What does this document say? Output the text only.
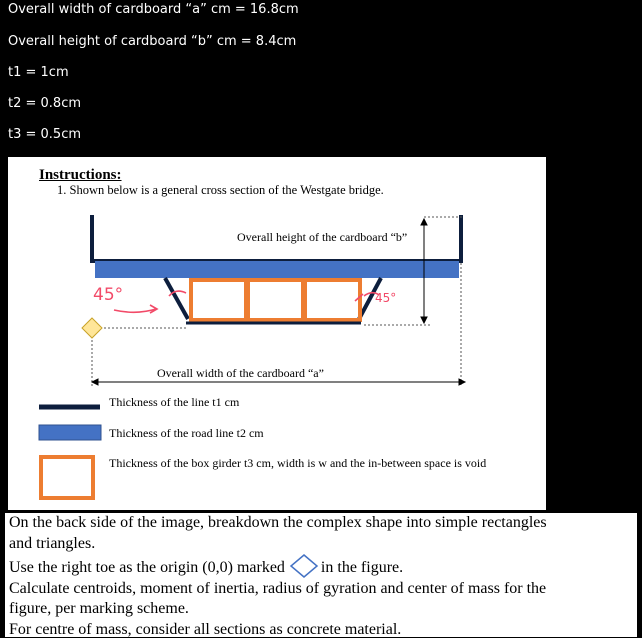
Overall width of cardboard “a” cm = 16.8cm
Overall height of cardboard “b” cm = 8.4cm
t1 = 1cm
t2 = 0.8cm
t3 = 0.5cm
Instructions:
1. Shown below is a general cross section of the Westgate bridge.
Overall height of the cardboard “b”
Overall width of the cardboard “a”
45°	45°
Thickness of the line t1 cm
Thickness of the road line t2 cm
Thickness of the box girder t3 cm, width is w and the in-between space is void
On the back side of the image, breakdown the complex shape into simple rectangles
and triangles.
Use the right toe as the origin (0,0) marked in the figure.
Calculate centroids, moment of inertia, radius of gyration and center of mass for the
figure, per marking scheme.
For centre of mass, consider all sections as concrete material.
